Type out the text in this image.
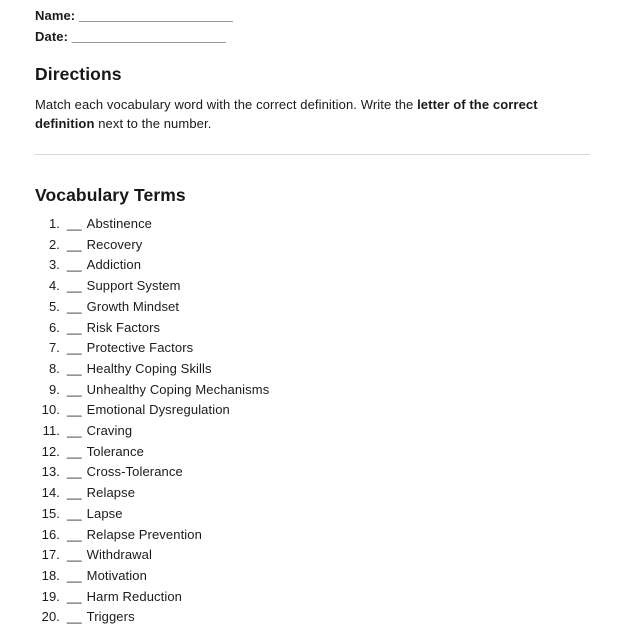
Name: _____________________
Date: _____________________
Directions

Match each vocabulary word with the correct definition. Write the letter of the correct definition next to the number.

Vocabulary Terms
1. __ Abstinence
2. __ Recovery
3. __ Addiction
4. __ Support System
5. __ Growth Mindset
6. __ Risk Factors
7. __ Protective Factors
8. __ Healthy Coping Skills
9. __ Unhealthy Coping Mechanisms
10. __ Emotional Dysregulation
11. __ Craving
12. __ Tolerance
13. __ Cross-Tolerance
14. __ Relapse
15. __ Lapse
16. __ Relapse Prevention
17. __ Withdrawal
18. __ Motivation
19. __ Harm Reduction
20. __ Triggers
